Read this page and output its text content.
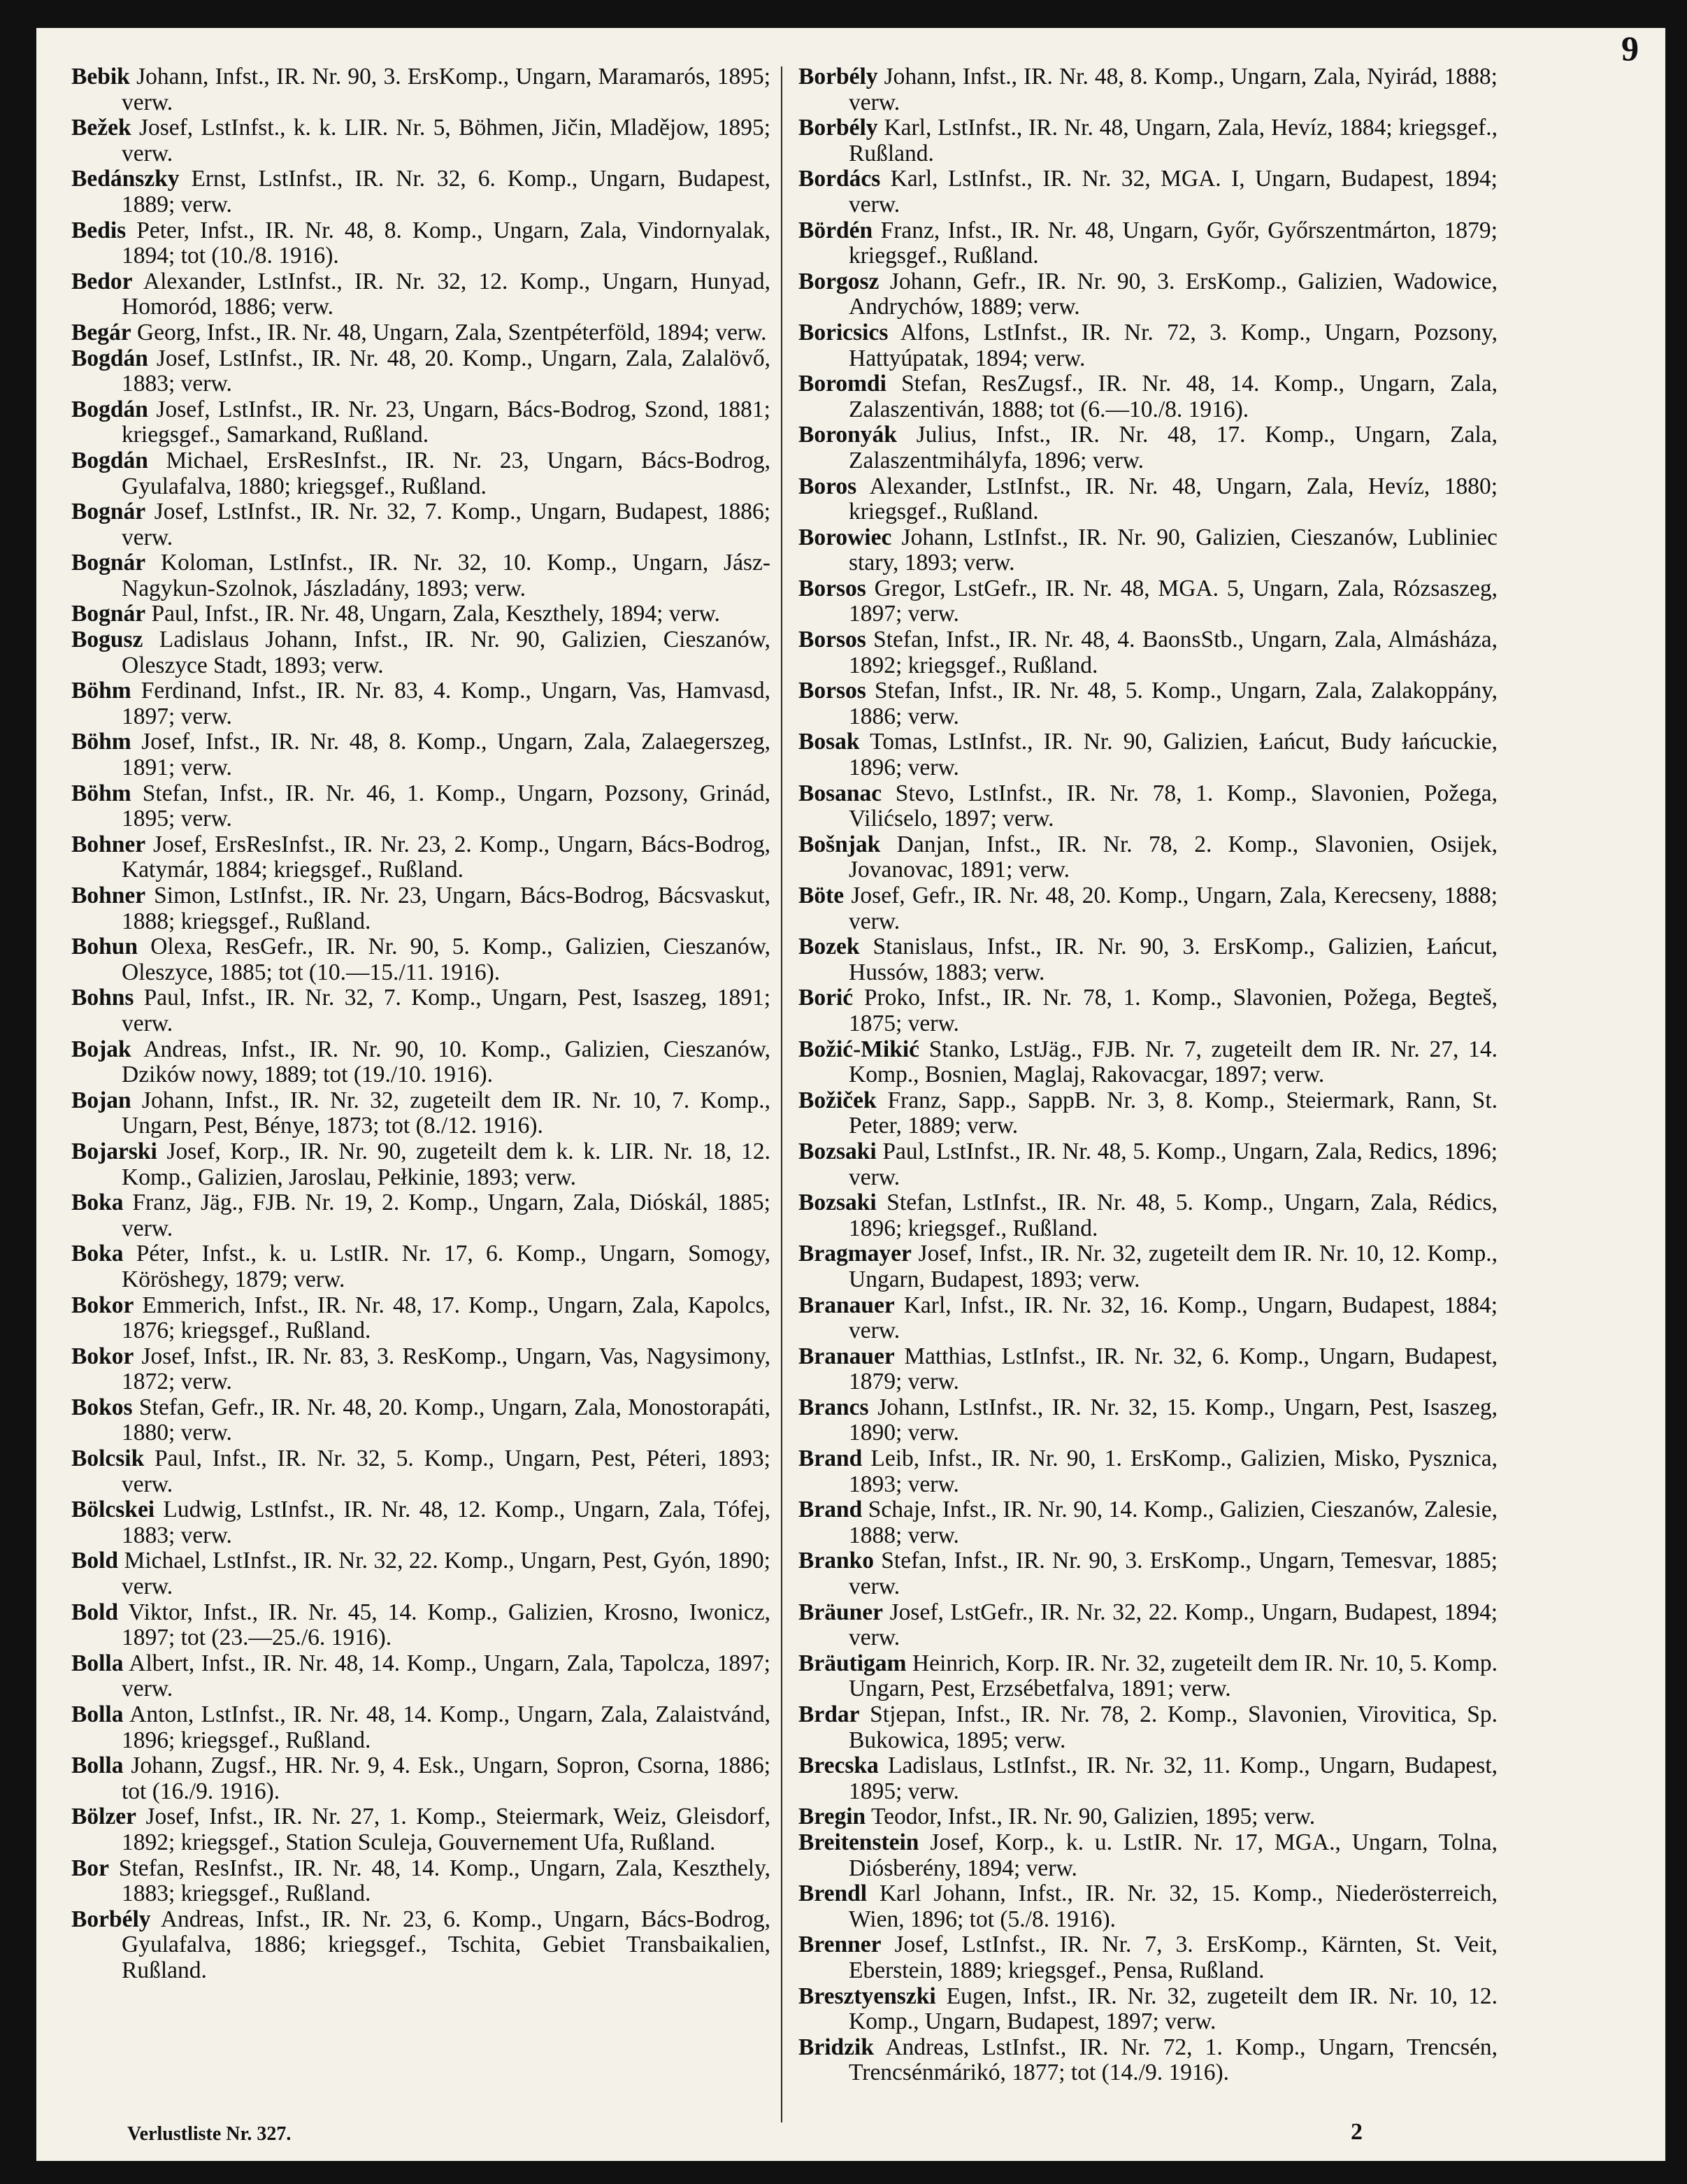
9

Bebik Johann, Infst., IR. Nr. 90, 3. ErsKomp., Ungarn, Maramarós, 1895; verw.

Bežek Josef, LstInfst., k. k. LIR. Nr. 5, Böhmen, Jičin, Mladějow, 1895; verw.

Bedánszky Ernst, LstInfst., IR. Nr. 32, 6. Komp., Ungarn, Budapest, 1889; verw.

Bedis Peter, Infst., IR. Nr. 48, 8. Komp., Ungarn, Zala, Vindornyalak, 1894; tot (10./8. 1916).

Bedor Alexander, LstInfst., IR. Nr. 32, 12. Komp., Ungarn, Hunyad, Homoród, 1886; verw.

Begár Georg, Infst., IR. Nr. 48, Ungarn, Zala, Szentpéterföld, 1894; verw.

Bogdán Josef, LstInfst., IR. Nr. 48, 20. Komp., Ungarn, Zala, Zalalövő, 1883; verw.

Bogdán Josef, LstInfst., IR. Nr. 23, Ungarn, Bács-Bodrog, Szond, 1881; kriegsgef., Samarkand, Rußland.

Bogdán Michael, ErsResInfst., IR. Nr. 23, Ungarn, Bács-Bodrog, Gyulafalva, 1880; kriegsgef., Rußland.

Bognár Josef, LstInfst., IR. Nr. 32, 7. Komp., Ungarn, Budapest, 1886; verw.

Bognár Koloman, LstInfst., IR. Nr. 32, 10. Komp., Ungarn, Jász-Nagykun-Szolnok, Jászladány, 1893; verw.

Bognár Paul, Infst., IR. Nr. 48, Ungarn, Zala, Keszthely, 1894; verw.

Bogusz Ladislaus Johann, Infst., IR. Nr. 90, Galizien, Cieszanów, Oleszyce Stadt, 1893; verw.

Böhm Ferdinand, Infst., IR. Nr. 83, 4. Komp., Ungarn, Vas, Hamvasd, 1897; verw.

Böhm Josef, Infst., IR. Nr. 48, 8. Komp., Ungarn, Zala, Zalaegerszeg, 1891; verw.

Böhm Stefan, Infst., IR. Nr. 46, 1. Komp., Ungarn, Pozsony, Grinád, 1895; verw.

Bohner Josef, ErsResInfst., IR. Nr. 23, 2. Komp., Ungarn, Bács-Bodrog, Katymár, 1884; kriegsgef., Rußland.

Bohner Simon, LstInfst., IR. Nr. 23, Ungarn, Bács-Bodrog, Bácsvaskut, 1888; kriegsgef., Rußland.

Bohun Olexa, ResGefr., IR. Nr. 90, 5. Komp., Galizien, Cieszanów, Oleszyce, 1885; tot (10.—15./11. 1916).

Bohns Paul, Infst., IR. Nr. 32, 7. Komp., Ungarn, Pest, Isaszeg, 1891; verw.

Bojak Andreas, Infst., IR. Nr. 90, 10. Komp., Galizien, Cieszanów, Dzików nowy, 1889; tot (19./10. 1916).

Bojan Johann, Infst., IR. Nr. 32, zugeteilt dem IR. Nr. 10, 7. Komp., Ungarn, Pest, Bénye, 1873; tot (8./12. 1916).

Bojarski Josef, Korp., IR. Nr. 90, zugeteilt dem k. k. LIR. Nr. 18, 12. Komp., Galizien, Jaroslau, Pełkinie, 1893; verw.

Boka Franz, Jäg., FJB. Nr. 19, 2. Komp., Ungarn, Zala, Dióskál, 1885; verw.

Boka Péter, Infst., k. u. LstIR. Nr. 17, 6. Komp., Ungarn, Somogy, Köröshegy, 1879; verw.

Bokor Emmerich, Infst., IR. Nr. 48, 17. Komp., Ungarn, Zala, Kapolcs, 1876; kriegsgef., Rußland.

Bokor Josef, Infst., IR. Nr. 83, 3. ResKomp., Ungarn, Vas, Nagysimony, 1872; verw.

Bokos Stefan, Gefr., IR. Nr. 48, 20. Komp., Ungarn, Zala, Monostorapáti, 1880; verw.

Bolcsik Paul, Infst., IR. Nr. 32, 5. Komp., Ungarn, Pest, Péteri, 1893; verw.

Bölcskei Ludwig, LstInfst., IR. Nr. 48, 12. Komp., Ungarn, Zala, Tófej, 1883; verw.

Bold Michael, LstInfst., IR. Nr. 32, 22. Komp., Ungarn, Pest, Gyón, 1890; verw.

Bold Viktor, Infst., IR. Nr. 45, 14. Komp., Galizien, Krosno, Iwonicz, 1897; tot (23.—25./6. 1916).

Bolla Albert, Infst., IR. Nr. 48, 14. Komp., Ungarn, Zala, Tapolcza, 1897; verw.

Bolla Anton, LstInfst., IR. Nr. 48, 14. Komp., Ungarn, Zala, Zalaistvánd, 1896; kriegsgef., Rußland.

Bolla Johann, Zugsf., HR. Nr. 9, 4. Esk., Ungarn, Sopron, Csorna, 1886; tot (16./9. 1916).

Bölzer Josef, Infst., IR. Nr. 27, 1. Komp., Steiermark, Weiz, Gleisdorf, 1892; kriegsgef., Station Sculeja, Gouvernement Ufa, Rußland.

Bor Stefan, ResInfst., IR. Nr. 48, 14. Komp., Ungarn, Zala, Keszthely, 1883; kriegsgef., Rußland.

Borbély Andreas, Infst., IR. Nr. 23, 6. Komp., Ungarn, Bács-Bodrog, Gyulafalva, 1886; kriegsgef., Tschita, Gebiet Transbaikalien, Rußland.

Borbély Johann, Infst., IR. Nr. 48, 8. Komp., Ungarn, Zala, Nyirád, 1888; verw.

Borbély Karl, LstInfst., IR. Nr. 48, Ungarn, Zala, Hevíz, 1884; kriegsgef., Rußland.

Bordács Karl, LstInfst., IR. Nr. 32, MGA. I, Ungarn, Budapest, 1894; verw.

Bördén Franz, Infst., IR. Nr. 48, Ungarn, Győr, Győrszentmárton, 1879; kriegsgef., Rußland.

Borgosz Johann, Gefr., IR. Nr. 90, 3. ErsKomp., Galizien, Wadowice, Andrychów, 1889; verw.

Boricsics Alfons, LstInfst., IR. Nr. 72, 3. Komp., Ungarn, Pozsony, Hattyúpatak, 1894; verw.

Boromdi Stefan, ResZugsf., IR. Nr. 48, 14. Komp., Ungarn, Zala, Zalaszentiván, 1888; tot (6.—10./8. 1916).

Boronyák Julius, Infst., IR. Nr. 48, 17. Komp., Ungarn, Zala, Zalaszentmihályfa, 1896; verw.

Boros Alexander, LstInfst., IR. Nr. 48, Ungarn, Zala, Hevíz, 1880; kriegsgef., Rußland.

Borowiec Johann, LstInfst., IR. Nr. 90, Galizien, Cieszanów, Lubliniec stary, 1893; verw.

Borsos Gregor, LstGefr., IR. Nr. 48, MGA. 5, Ungarn, Zala, Rózsaszeg, 1897; verw.

Borsos Stefan, Infst., IR. Nr. 48, 4. BaonsStb., Ungarn, Zala, Almásháza, 1892; kriegsgef., Rußland.

Borsos Stefan, Infst., IR. Nr. 48, 5. Komp., Ungarn, Zala, Zalakoppány, 1886; verw.

Bosak Tomas, LstInfst., IR. Nr. 90, Galizien, Łańcut, Budy łańcuckie, 1896; verw.

Bosanac Stevo, LstInfst., IR. Nr. 78, 1. Komp., Slavonien, Požega, Vilićselo, 1897; verw.

Bošnjak Danjan, Infst., IR. Nr. 78, 2. Komp., Slavonien, Osijek, Jovanovac, 1891; verw.

Böte Josef, Gefr., IR. Nr. 48, 20. Komp., Ungarn, Zala, Kerecseny, 1888; verw.

Bozek Stanislaus, Infst., IR. Nr. 90, 3. ErsKomp., Galizien, Łańcut, Hussów, 1883; verw.

Borić Proko, Infst., IR. Nr. 78, 1. Komp., Slavonien, Požega, Begteš, 1875; verw.

Božić-Mikić Stanko, LstJäg., FJB. Nr. 7, zugeteilt dem IR. Nr. 27, 14. Komp., Bosnien, Maglaj, Rakovacgar, 1897; verw.

Božiček Franz, Sapp., SappB. Nr. 3, 8. Komp., Steiermark, Rann, St. Peter, 1889; verw.

Bozsaki Paul, LstInfst., IR. Nr. 48, 5. Komp., Ungarn, Zala, Redics, 1896; verw.

Bozsaki Stefan, LstInfst., IR. Nr. 48, 5. Komp., Ungarn, Zala, Rédics, 1896; kriegsgef., Rußland.

Bragmayer Josef, Infst., IR. Nr. 32, zugeteilt dem IR. Nr. 10, 12. Komp., Ungarn, Budapest, 1893; verw.

Branauer Karl, Infst., IR. Nr. 32, 16. Komp., Ungarn, Budapest, 1884; verw.

Branauer Matthias, LstInfst., IR. Nr. 32, 6. Komp., Ungarn, Budapest, 1879; verw.

Brancs Johann, LstInfst., IR. Nr. 32, 15. Komp., Ungarn, Pest, Isaszeg, 1890; verw.

Brand Leib, Infst., IR. Nr. 90, 1. ErsKomp., Galizien, Misko, Pysznica, 1893; verw.

Brand Schaje, Infst., IR. Nr. 90, 14. Komp., Galizien, Cieszanów, Zalesie, 1888; verw.

Branko Stefan, Infst., IR. Nr. 90, 3. ErsKomp., Ungarn, Temesvar, 1885; verw.

Bräuner Josef, LstGefr., IR. Nr. 32, 22. Komp., Ungarn, Budapest, 1894; verw.

Bräutigam Heinrich, Korp. IR. Nr. 32, zugeteilt dem IR. Nr. 10, 5. Komp. Ungarn, Pest, Erzsébetfalva, 1891; verw.

Brdar Stjepan, Infst., IR. Nr. 78, 2. Komp., Slavonien, Virovitica, Sp. Bukowica, 1895; verw.

Brecska Ladislaus, LstInfst., IR. Nr. 32, 11. Komp., Ungarn, Budapest, 1895; verw.

Bregin Teodor, Infst., IR. Nr. 90, Galizien, 1895; verw.

Breitenstein Josef, Korp., k. u. LstIR. Nr. 17, MGA., Ungarn, Tolna, Diósberény, 1894; verw.

Brendl Karl Johann, Infst., IR. Nr. 32, 15. Komp., Niederösterreich, Wien, 1896; tot (5./8. 1916).

Brenner Josef, LstInfst., IR. Nr. 7, 3. ErsKomp., Kärnten, St. Veit, Eberstein, 1889; kriegsgef., Pensa, Rußland.

Bresztyenszki Eugen, Infst., IR. Nr. 32, zugeteilt dem IR. Nr. 10, 12. Komp., Ungarn, Budapest, 1897; verw.

Bridzik Andreas, LstInfst., IR. Nr. 72, 1. Komp., Ungarn, Trencsén, Trencsénmárikó, 1877; tot (14./9. 1916).

Verlustliste Nr. 327.	2
